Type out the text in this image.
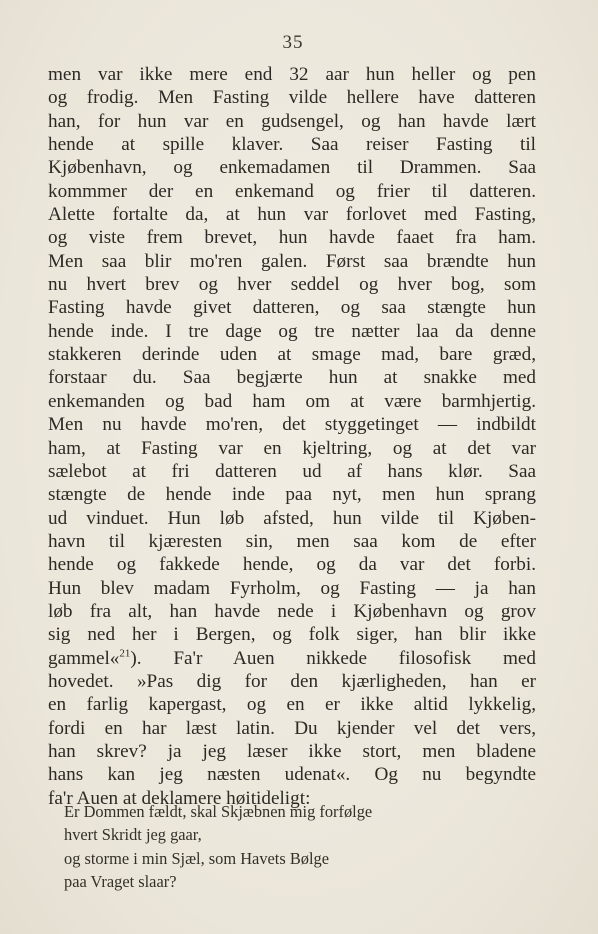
35
men var ikke mere end 32 aar hun heller og pen
og frodig. Men Fasting vilde hellere have datteren
han, for hun var en gudsengel, og han havde lært
hende at spille klaver. Saa reiser Fasting til
Kjøbenhavn, og enkemadamen til Drammen. Saa
kommmer der en enkemand og frier til datteren.
Alette fortalte da, at hun var forlovet med Fasting,
og viste frem brevet, hun havde faaet fra ham.
Men saa blir mo'ren galen. Først saa brændte hun
nu hvert brev og hver seddel og hver bog, som
Fasting havde givet datteren, og saa stængte hun
hende inde. I tre dage og tre nætter laa da denne
stakkeren derinde uden at smage mad, bare græd,
forstaar du. Saa begjærte hun at snakke med
enkemanden og bad ham om at være barmhjertig.
Men nu havde mo'ren, det styggetinget — indbildt
ham, at Fasting var en kjeltring, og at det var
sælebot at fri datteren ud af hans klør. Saa
stængte de hende inde paa nyt, men hun sprang
ud vinduet. Hun løb afsted, hun vilde til Kjøben-
havn til kjæresten sin, men saa kom de efter
hende og fakkede hende, og da var det forbi.
Hun blev madam Fyrholm, og Fasting — ja han
løb fra alt, han havde nede i Kjøbenhavn og grov
sig ned her i Bergen, og folk siger, han blir ikke
gammel«$^{21}$). Fa'r Auen nikkede filosofisk med
hovedet. »Pas dig for den kjærligheden, han er
en farlig kapergast, og en er ikke altid lykkelig,
fordi en har læst latin. Du kjender vel det vers,
han skrev? ja jeg læser ikke stort, men bladene
hans kan jeg næsten udenat«. Og nu begyndte
fa'r Auen at deklamere høitideligt:
Er Dommen fældt, skal Skjæbnen mig forfølge
hvert Skridt jeg gaar,
og storme i min Sjæl, som Havets Bølge
paa Vraget slaar?
